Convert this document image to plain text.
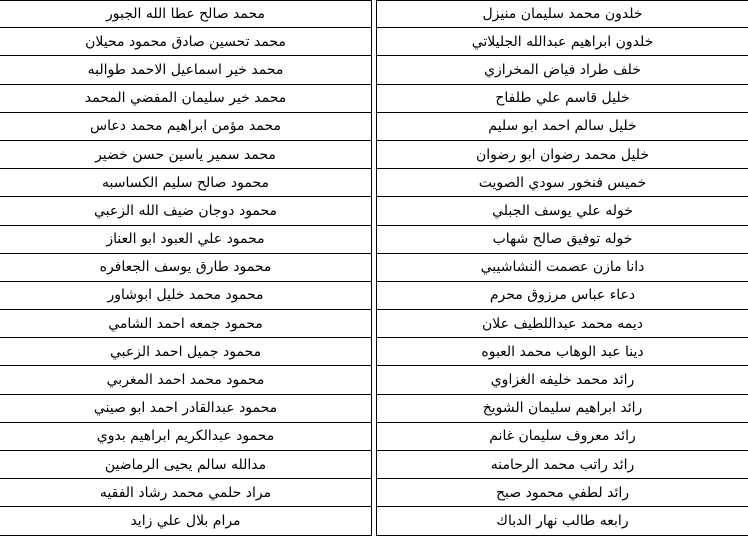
محمد صالح عطا الله الجبور
محمد تحسين صادق محمود محيلان
محمد خير اسماعيل الاحمد طوالبه
محمد خير سليمان المفضي المحمد
محمد مؤمن ابراهيم محمد دعاس
محمد سمير ياسين حسن خضير
محمود صالح سليم الكساسبه
محمود دوجان ضيف الله الزعبي
محمود علي العبود ابو العناز
محمود طارق يوسف الجعافره
محمود محمد خليل ابوشاور
محمود جمعه احمد الشامي
محمود جميل احمد الزعبي
محمود محمد احمد المغربي
محمود عبدالقادر احمد ابو صيني
محمود عبدالكريم ابراهيم بدوي
مدالله سالم يحيى الرماضين
مراد حلمي محمد رشاد الفقيه
مرام بلال علي زايد
خلدون محمد سليمان منيزل
خلدون ابراهيم عبدالله الجليلاتي
خلف طراد فياض المخرازي
خليل قاسم علي طلفاح
خليل سالم احمد ابو سليم
خليل محمد رضوان ابو رضوان
خميس فنخور سودي الصويت
خوله علي يوسف الجبلي
خوله توفيق صالح شهاب
دانا مازن عصمت النشاشيبي
دعاء عباس مرزوق محرم
ديمه محمد عبداللطيف علان
دينا عبد الوهاب محمد العبوه
رائد محمد خليفه الغزاوي
رائد ابراهيم سليمان الشويخ
رائد معروف سليمان غانم
رائد راتب محمد الرحامنه
رائد لطفي محمود صبح
رابعه طالب نهار الدباك
